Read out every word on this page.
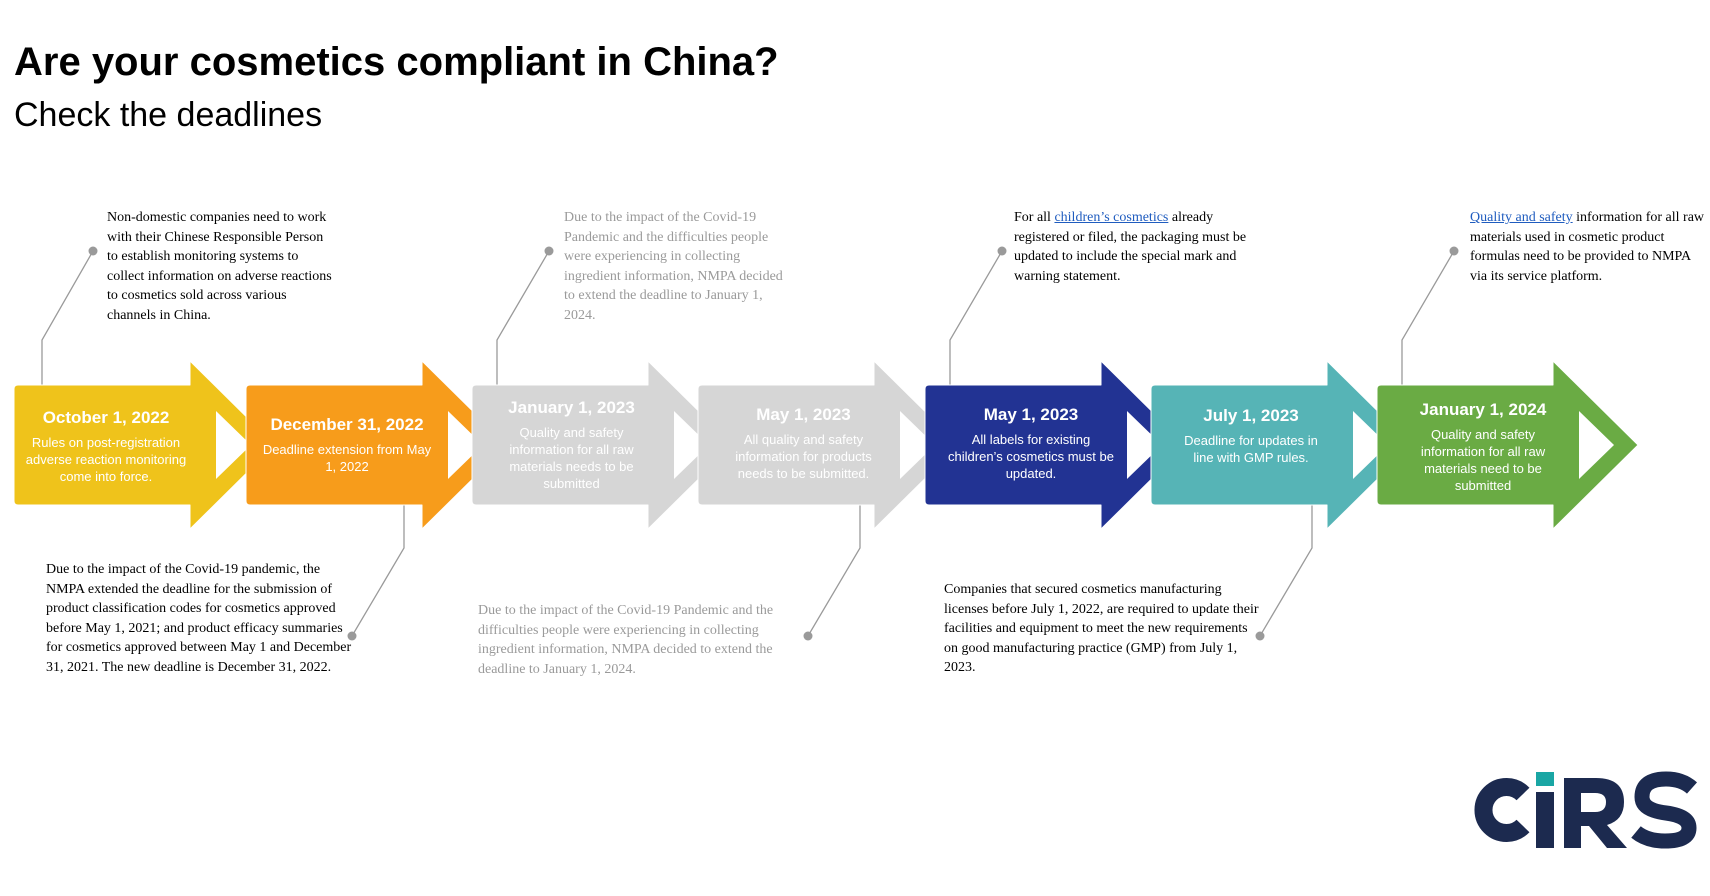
Are your cosmetics compliant in China?
Check the deadlines
October 1, 2022
Rules on post-registration adverse reaction monitoring come into force.
December 31, 2022
Deadline extension from May 1, 2022
January 1, 2023
Quality and safety information for all raw materials needs to be submitted
May 1, 2023
All quality and safety information for products needs to be submitted.
May 1, 2023
All labels for existing children’s cosmetics must be updated.
July 1, 2023
Deadline for updates in line with GMP rules.
January 1, 2024
Quality and safety information for all raw materials need to be submitted
Non-domestic companies need to work with their Chinese Responsible Person to establish monitoring systems to collect information on adverse reactions to cosmetics sold across various channels in China.
Due to the impact of the Covid-19 pandemic, the NMPA extended the deadline for the submission of product classification codes for cosmetics approved before May 1, 2021; and product efficacy summaries for cosmetics approved between May 1 and December 31, 2021. The new deadline is December 31, 2022.
Due to the impact of the Covid-19 Pandemic and the difficulties people were experiencing in collecting ingredient information, NMPA decided to extend the deadline to January 1, 2024.
Due to the impact of the Covid-19 Pandemic and the difficulties people were experiencing in collecting ingredient information, NMPA decided to extend the deadline to January 1, 2024.
For all children’s cosmetics already registered or filed, the packaging must be updated to include the special mark and warning statement.
Companies that secured cosmetics manufacturing licenses before July 1, 2022, are required to update their facilities and equipment to meet the new requirements on good manufacturing practice (GMP) from July 1, 2023.
Quality and safety information for all raw materials used in cosmetic product formulas need to be provided to NMPA via its service platform.
